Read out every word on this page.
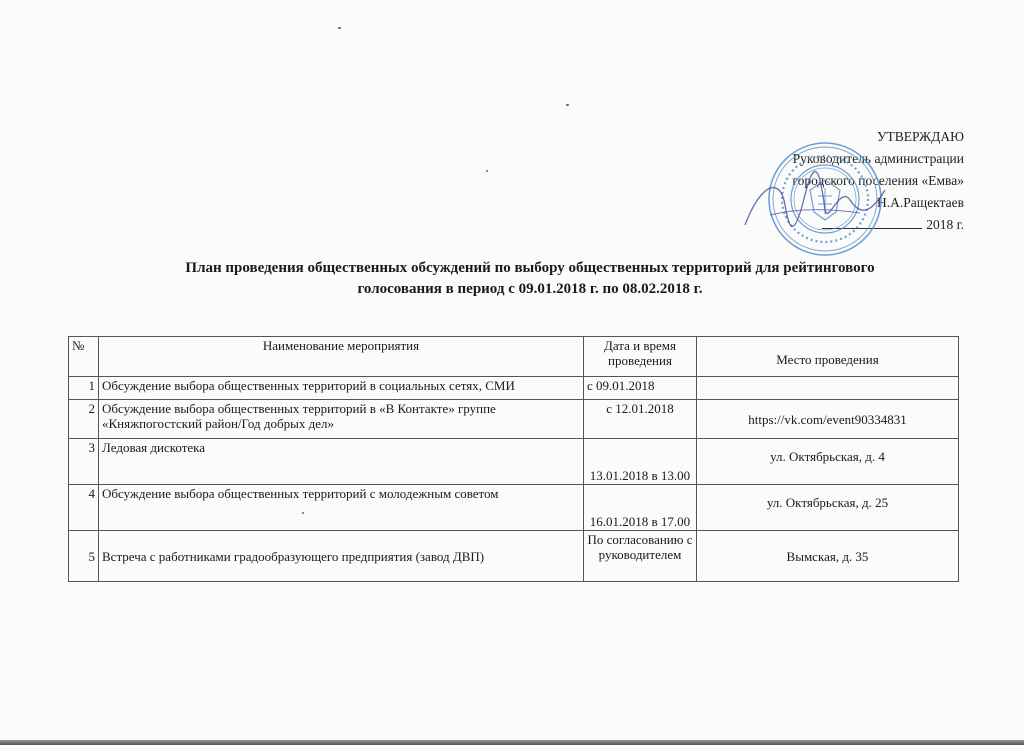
УТВЕРЖДАЮ
Руководитель администрации
городского поселения «Емва»
Н.А.Ращектаев
2018 г.
План проведения общественных обсуждений по выбору общественных территорий для рейтингового
голосования в период с 09.01.2018 г. по 08.02.2018 г.
№	Наименование мероприятия	Дата и время проведения	Место проведения
1	Обсуждение выбора общественных территорий в социальных сетях, СМИ	с 09.01.2018	
2	Обсуждение выбора общественных территорий в «В Контакте» группе «Княжпогостский район/Год добрых дел»	с 12.01.2018	https://vk.com/event90334831
3	Ледовая дискотека	13.01.2018 в 13.00	ул. Октябрьская, д. 4
4	Обсуждение выбора общественных территорий с молодежным советом	16.01.2018 в 17.00	ул. Октябрьская, д. 25
5	Встреча с работниками градообразующего предприятия (завод ДВП)	По согласованию с руководителем	Вымская, д. 35
